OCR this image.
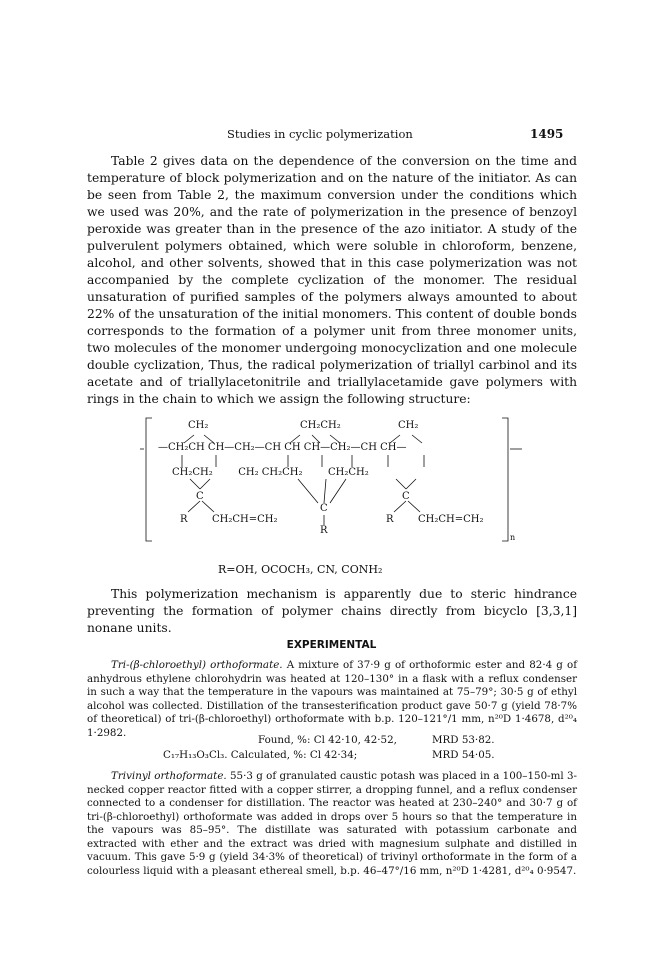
Studies in cyclic polymerization	1495

Table 2 gives data on the dependence of the conversion on the time and temperature of block polymerization and on the nature of the initiator. As can be seen from Table 2, the maximum conversion under the conditions which we used was 20%, and the rate of polymerization in the presence of benzoyl peroxide was greater than in the presence of the azo initiator. A study of the pulverulent polymers obtained, which were soluble in chloroform, benzene, alcohol, and other solvents, showed that in this case polymerization was not accompanied by the complete cyclization of the monomer. The residual unsaturation of purified samples of the polymers always amounted to about 22% of the unsaturation of the initial monomers. This content of double bonds corresponds to the formation of a polymer unit from three monomer units, two molecules of the monomer undergoing monocyclization and one molecule double cyclization, Thus, the radical polymerization of triallyl carbinol and its acetate and of triallylacetonitrile and triallylacetamide gave polymers with rings in the chain to which we assign the following structure:

CH₂	CH₂CH₂	CH₂
—CH₂CH CH—CH₂—CH CH CH—CH₂—CH CH—
CH₂CH₂        CH₂ CH₂CH₂        CH₂CH₂
C
C
C
R CH₂CH=CH₂
R
R CH₂CH=CH₂
n
R=OH, OCOCH₃, CN, CONH₂

This polymerization mechanism is apparently due to steric hindrance preventing the formation of polymer chains directly from bicyclo [3,3,1] nonane units.

EXPERIMENTAL

Tri-(β-chloroethyl) orthoformate. A mixture of 37·9 g of orthoformic ester and 82·4 g of anhydrous ethylene chlorohydrin was heated at 120–130° in a flask with a reflux condenser in such a way that the temperature in the vapours was maintained at 75–79°; 30·5 g of ethyl alcohol was collected. Distillation of the transesterification product gave 50·7 g (yield 78·7% of theoretical) of tri-(β-chloroethyl) orthoformate with b.p. 120–121°/1 mm, n²⁰D 1·4678, d²⁰₄ 1·2982.

Found, %: Cl 42·10, 42·52,	MRD 53·82.
C₁₇H₁₃O₃Cl₃. Calculated, %: Cl 42·34;	MRD 54·05.

Trivinyl orthoformate. 55·3 g of granulated caustic potash was placed in a 100–150-ml 3-necked copper reactor fitted with a copper stirrer, a dropping funnel, and a reflux condenser connected to a condenser for distillation. The reactor was heated at 230–240° and 30·7 g of tri-(β-chloroethyl) orthoformate was added in drops over 5 hours so that the temperature in the vapours was 85–95°. The distillate was saturated with potassium carbonate and extracted with ether and the extract was dried with magnesium sulphate and distilled in vacuum. This gave 5·9 g (yield 34·3% of theoretical) of trivinyl orthoformate in the form of a colourless liquid with a pleasant ethereal smell, b.p. 46–47°/16 mm, n²⁰D 1·4281, d²⁰₄ 0·9547.
